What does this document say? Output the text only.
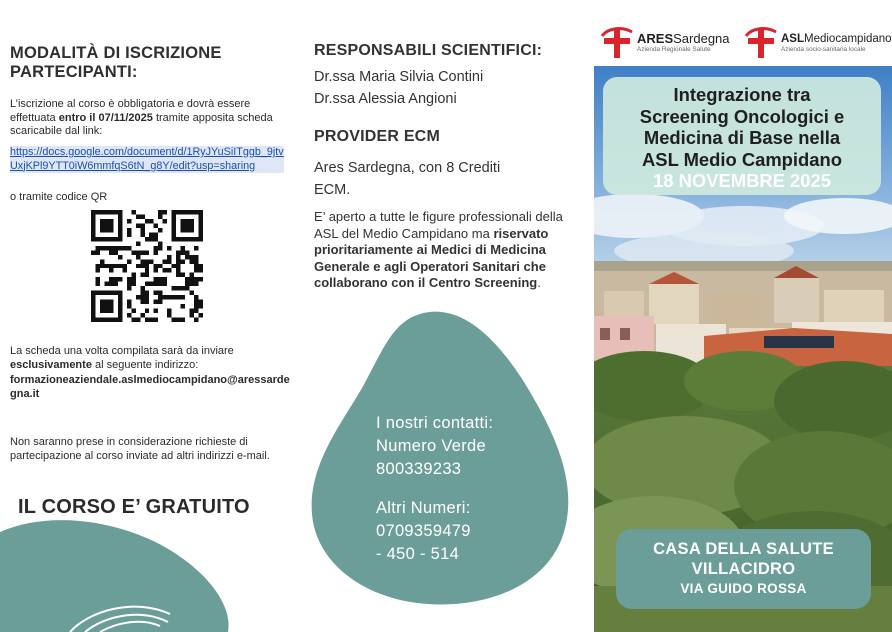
MODALITÀ DI ISCRIZIONE PARTECIPANTI:
L’iscrizione al corso è obbligatoria e dovrà essere effettuata entro il 07/11/2025 tramite apposita scheda scaricabile dal link:
https://docs.google.com/document/d/1RyJYuSiITggb_9jtvUxjKPl9YTT0iW6mmfqS6tN_g8Y/edit?usp=sharing
o tramite codice QR
La scheda una volta compilata sarà da inviare esclusivamente al seguente indirizzo:
formazioneaziendale.aslmediocampidano@aressardegna.it
Non saranno prese in considerazione richieste di partecipazione al corso inviate ad altri indirizzi e-mail.
IL CORSO E’ GRATUITO
RESPONSABILI SCIENTIFICI:
Dr.ssa Maria Silvia Contini
Dr.ssa Alessia Angioni
PROVIDER ECM
Ares Sardegna, con 8 Crediti
ECM.
E’ aperto a tutte le figure professionali della ASL del Medio Campidano ma riservato prioritariamente ai Medici di Medicina Generale e agli Operatori Sanitari che collaborano con il Centro Screening.
I nostri contatti:
Numero Verde
800339233
Altri Numeri:
0709359479
- 450 - 514
ARESSardegna
Azienda Regionale Salute
ASLMediocampidano
Azienda socio-sanitaria locale
Integrazione tra
Screening Oncologici e
Medicina di Base nella
ASL Medio Campidano
18 NOVEMBRE 2025
CASA DELLA SALUTE
VILLACIDRO
VIA GUIDO ROSSA
